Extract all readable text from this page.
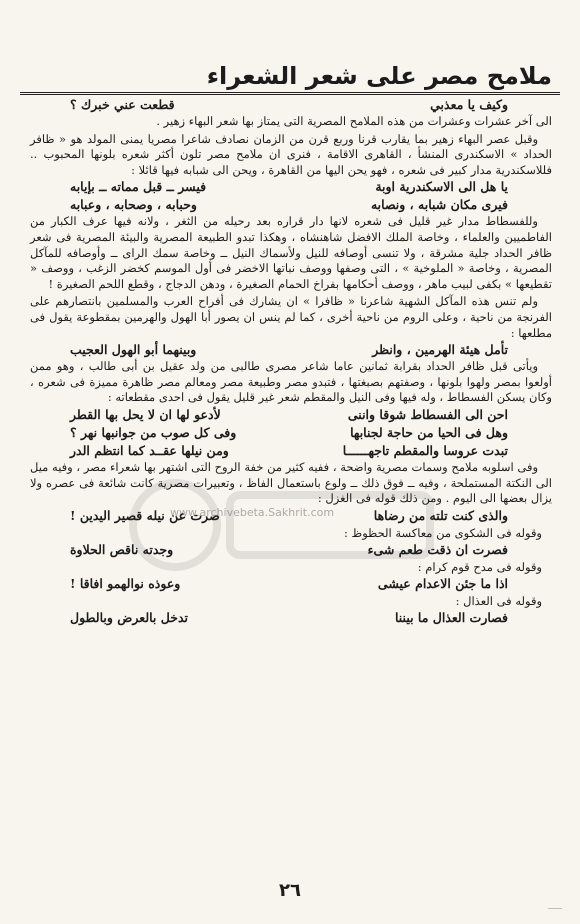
ملامح مصر على شعر الشعراء
www.archivebeta.Sakhrit.com
وكيف يا معذبي
قطعت عني خبرك ؟

الى آخر عشرات وعشرات من هذه الملامح المصرية التى يمتاز بها شعر البهاء زهير .

وقبل عصر البهاء زهير بما يقارب قرنا وربع قرن من الزمان نصادف شاعرا مصريا يمنى المولد هو « ظافر الحداد » الاسكندرى المنشأ ، القاهرى الاقامة ، فنرى ان ملامح مصر تلون أكثر شعره بلونها المحبوب .. فللاسكندرية مدار كبير فى شعره ، فهو يحن اليها من القاهرة ، ويحن الى شبابه فيها قائلا :

يا هل الى الاسكندرية اوبة
فيسر ــ قبل مماته ــ بإيابه
فيرى مكان شبابه ، ونصابه
وحبابه ، وصحابه ، وعبابه

وللفسطاط مدار غير قليل فى شعره لانها دار قراره بعد رحيله من الثغر ، ولانه فيها عرف الكبار من الفاطميين والعلماء ، وخاصة الملك الافضل شاهنشاه ، وهكذا تبدو الطبيعة المصرية والبيئة المصرية فى شعر ظافر الحداد جلية مشرقة ، ولا تنسى أوصافه للنيل ولأسماك النيل ــ وخاصة سمك الراى ــ وأوصافه للمآكل المصرية ، وخاصة « الملوخية » ، التى وصفها ووصف نباتها الاخضر فى أول الموسم كخضر الزغب ، ووصف « تقطيعها » بكفى لبيب ماهر ، ووصف أحكامها بفراخ الحمام الصغيرة ، ودهن الدجاج ، وقطع اللحم الصغيرة !

ولم تنس هذه المآكل الشهية شاعرنا « ظافرا » ان يشارك فى أفراح العرب والمسلمين بانتصارهم على الفرنجة من ناحية ، وعلى الروم من ناحية أخرى ، كما لم ينس ان يصور أبا الهول والهرمين بمقطوعة يقول فى مطلعها :

تأمل هيئة الهرمين ، وانظر
وبينهما أبو الهول العجيب

ويأتى قبل ظافر الحداد بقرابة ثمانين عاما شاعر مصرى طالبى من ولد عقيل بن أبى طالب ، وهو ممن أولعوا بمصر ولهوا بلونها ، وصفتهم بصبغتها ، فتبدو مصر وطبيعة مصر ومعالم مصر ظاهرة مميزة فى شعره ، وكان يسكن الفسطاط ، وله فيها وفى النيل والمقطم شعر غير قليل يقول فى احدى مقطعاته :

احن الى الفسطاط شوقا واننى
لأدعو لها ان لا يحل بها القطر
وهل فى الحيا من حاجة لجنابها
وفى كل صوب من جوانبها نهر ؟
تبدت عروسا والمقطم تاجهــــــا
ومن نيلها عقــد كما انتظم الدر

وفى اسلوبه ملامح وسمات مصرية واضحة ، ففيه كثير من خفة الروح التى اشتهر بها شعراء مصر ، وفيه ميل الى النكتة المستملحة ، وفيه ــ فوق ذلك ــ ولوع باستعمال الفاظ ، وتعبيرات مصرية كانت شائعة فى عصره ولا يزال بعضها الى اليوم . ومن ذلك قوله فى الغزل :

والذى كنت تلته من رضاها
صرت عن نيله قصير اليدين !
وقوله فى الشكوى من معاكسة الحظوظ :
فصرت ان ذقت طعم شىء
وجدته ناقص الحلاوة
وقوله فى مدح قوم كرام :
اذا ما جئن الاعدام عيشى
وعوذه نوالهمو افاقا !
وقوله فى العذال :
فصارت العذال ما بيننا
تدخل بالعرض وبالطول
٢٦
